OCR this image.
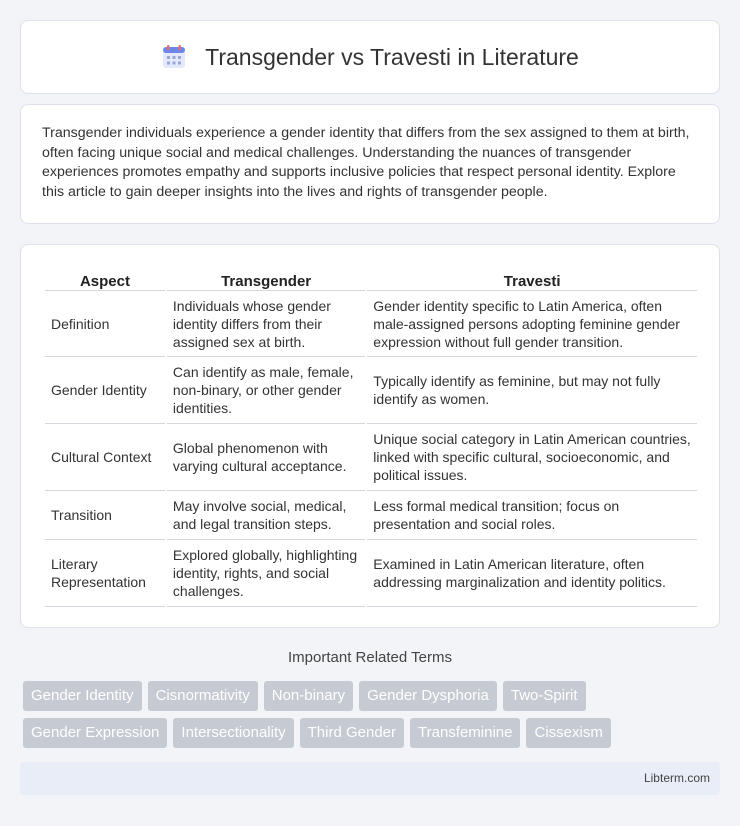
Transgender vs Travesti in Literature

Transgender individuals experience a gender identity that differs from the sex assigned to them at birth, often facing unique social and medical challenges. Understanding the nuances of transgender experiences promotes empathy and supports inclusive policies that respect personal identity. Explore this article to gain deeper insights into the lives and rights of transgender people.

Aspect	Transgender	Travesti
Definition	Individuals whose gender identity differs from their assigned sex at birth.	Gender identity specific to Latin America, often male-assigned persons adopting feminine gender expression without full gender transition.
Gender Identity	Can identify as male, female, non-binary, or other gender identities.	Typically identify as feminine, but may not fully identify as women.
Cultural Context	Global phenomenon with varying cultural acceptance.	Unique social category in Latin American countries, linked with specific cultural, socioeconomic, and political issues.
Transition	May involve social, medical, and legal transition steps.	Less formal medical transition; focus on presentation and social roles.
Literary Representation	Explored globally, highlighting identity, rights, and social challenges.	Examined in Latin American literature, often addressing marginalization and identity politics.
Important Related Terms
Gender Identity	Cisnormativity	Non-binary	Gender Dysphoria	Two-Spirit
Gender Expression	Intersectionality	Third Gender	Transfeminine	Cissexism
Libterm.com
